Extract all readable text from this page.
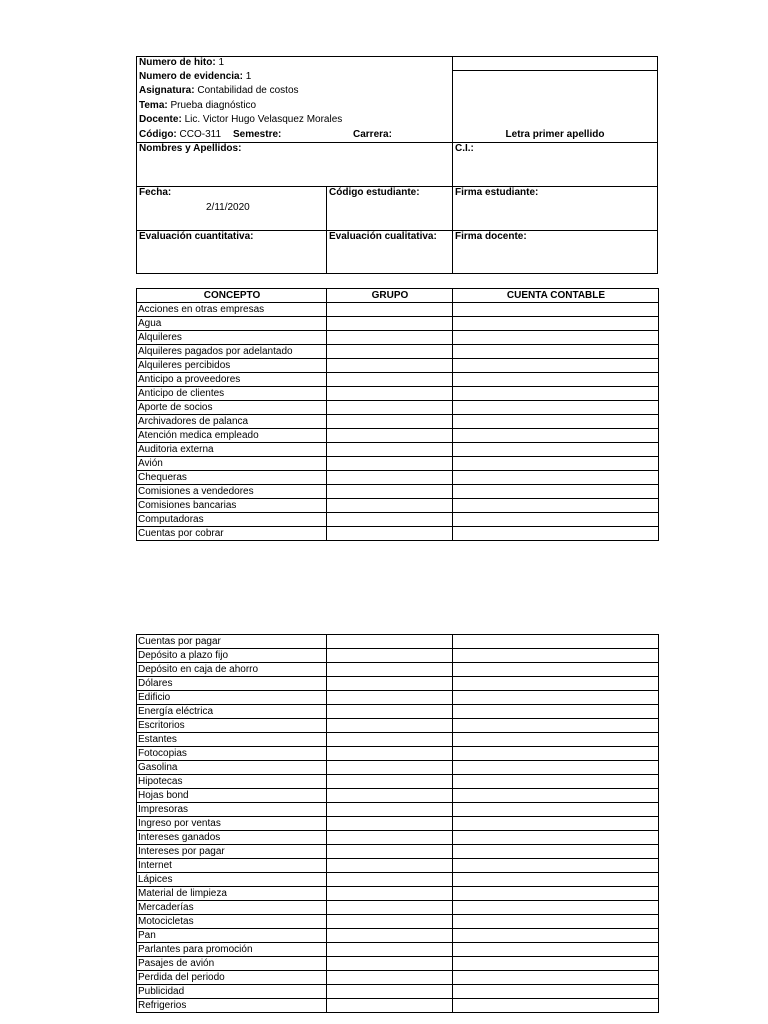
Numero de hito: 1
Numero de evidencia: 1
Asignatura: Contabilidad de costos
Tema: Prueba diagnóstico
Docente: Lic. Victor Hugo Velasquez Morales
Código: CCO-311 Semestre:	Carrera:	Letra primer apellido
Nombres y Apellidos:	C.I.:
Fecha:
2/11/2020
Código estudiante:	Firma estudiante:
Evaluación cuantitativa:	Evaluación cualitativa: Firma docente:
CONCEPTO	GRUPO	CUENTA CONTABLE
Acciones en otras empresas		
Agua		
Alquileres		
Alquileres pagados por adelantado		
Alquileres percibidos		
Anticipo a proveedores		
Anticipo de clientes		
Aporte de socios		
Archivadores de palanca		
Atención medica empleado		
Auditoria externa		
Avión		
Chequeras		
Comisiones a vendedores		
Comisiones bancarias		
Computadoras		
Cuentas por cobrar		
Cuentas por pagar		
Depósito a plazo fijo		
Depósito en caja de ahorro		
Dólares		
Edificio		
Energía eléctrica		
Escritorios		
Estantes		
Fotocopias		
Gasolina		
Hipotecas		
Hojas bond		
Impresoras		
Ingreso por ventas		
Intereses ganados		
Intereses por pagar		
Internet		
Lápices		
Material de limpieza		
Mercaderías		
Motocicletas		
Pan		
Parlantes para promoción		
Pasajes de avión		
Perdida del periodo		
Publicidad		
Refrigerios		
